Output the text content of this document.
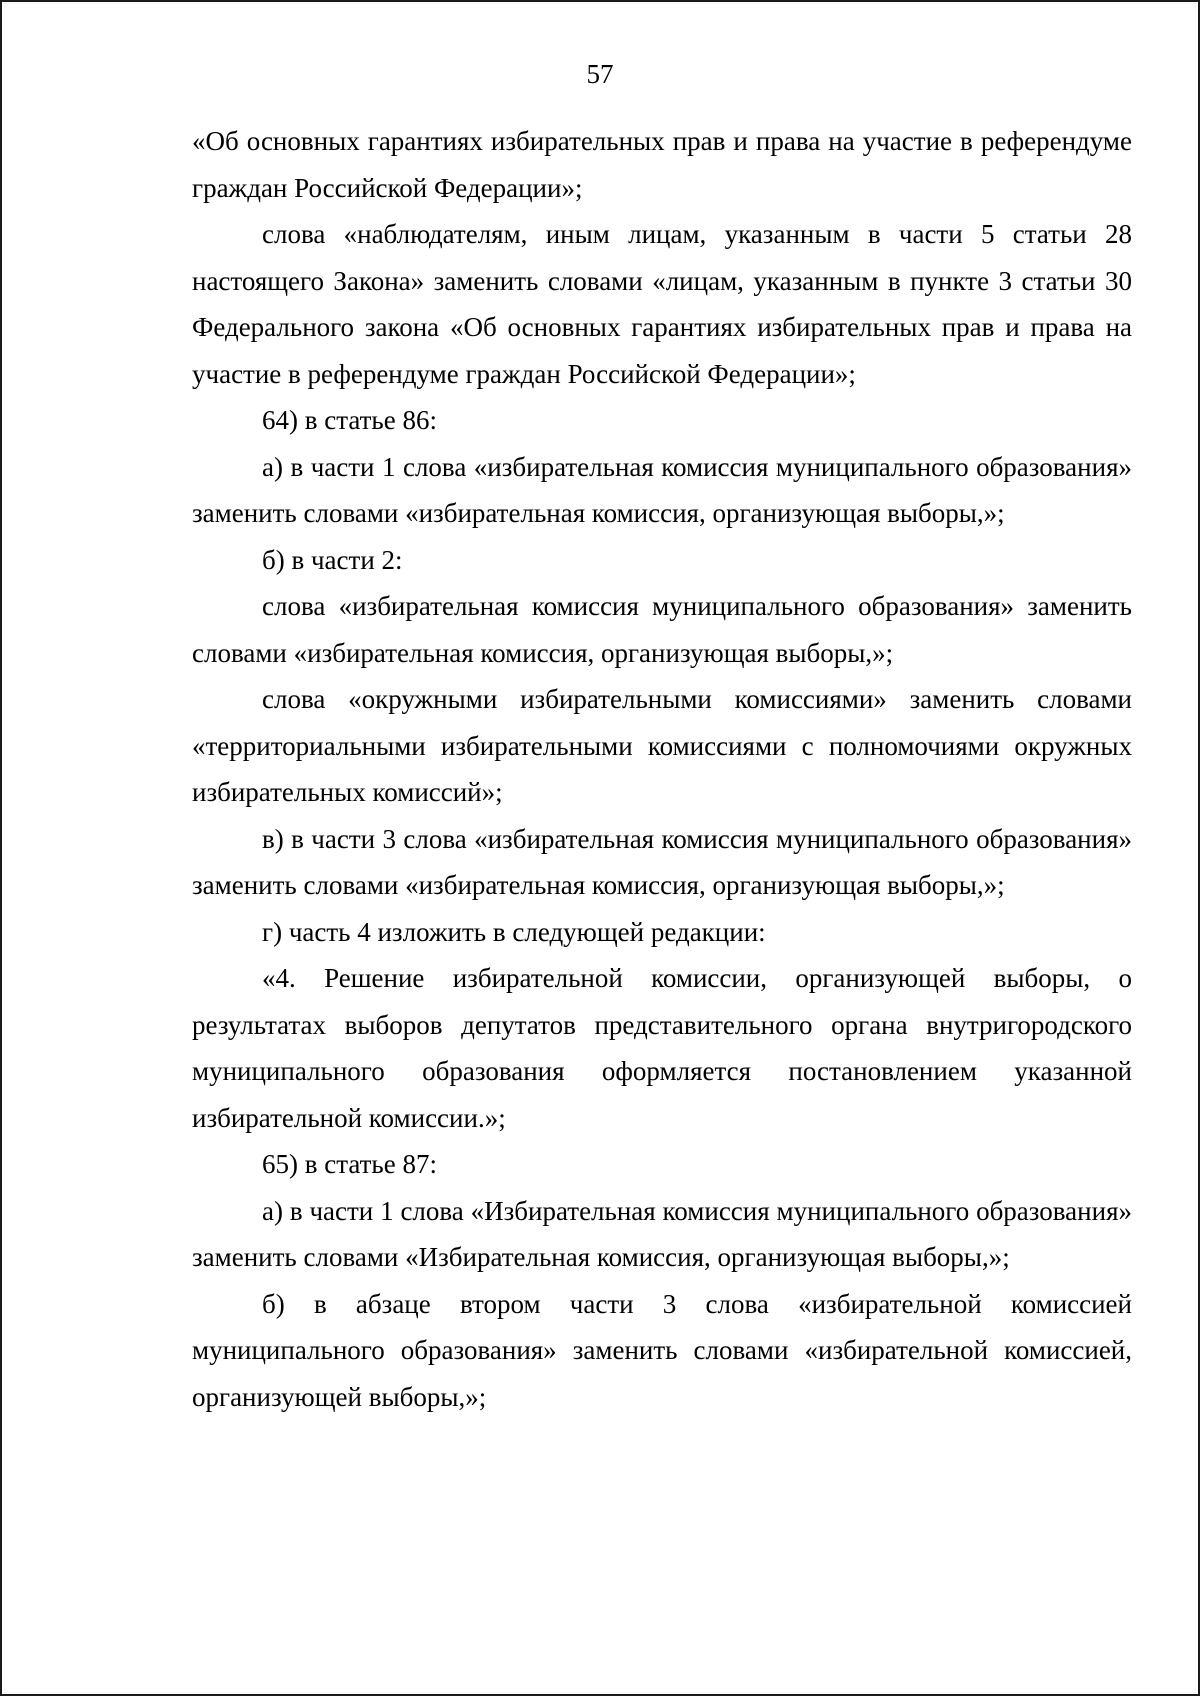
57

«Об основных гарантиях избирательных прав и права на участие в референдуме граждан Российской Федерации»;

слова «наблюдателям, иным лицам, указанным в части 5 статьи 28 настоящего Закона» заменить словами «лицам, указанным в пункте 3 статьи 30 Федерального закона «Об основных гарантиях избирательных прав и права на участие в референдуме граждан Российской Федерации»;

64) в статье 86:

а) в части 1 слова «избирательная комиссия муниципального образования» заменить словами «избирательная комиссия, организующая выборы,»;

б) в части 2:

слова «избирательная комиссия муниципального образования» заменить словами «избирательная комиссия, организующая выборы,»;

слова «окружными избирательными комиссиями» заменить словами «территориальными избирательными комиссиями с полномочиями окружных избирательных комиссий»;

в) в части 3 слова «избирательная комиссия муниципального образования» заменить словами «избирательная комиссия, организующая выборы,»;

г) часть 4 изложить в следующей редакции:

«4. Решение избирательной комиссии, организующей выборы, о результатах выборов депутатов представительного органа внутригородского муниципального образования оформляется постановлением указанной избирательной комиссии.»;

65) в статье 87:

а) в части 1 слова «Избирательная комиссия муниципального образования» заменить словами «Избирательная комиссия, организующая выборы,»;

б) в абзаце втором части 3 слова «избирательной комиссией муниципального образования» заменить словами «избирательной комиссией, организующей выборы,»;
